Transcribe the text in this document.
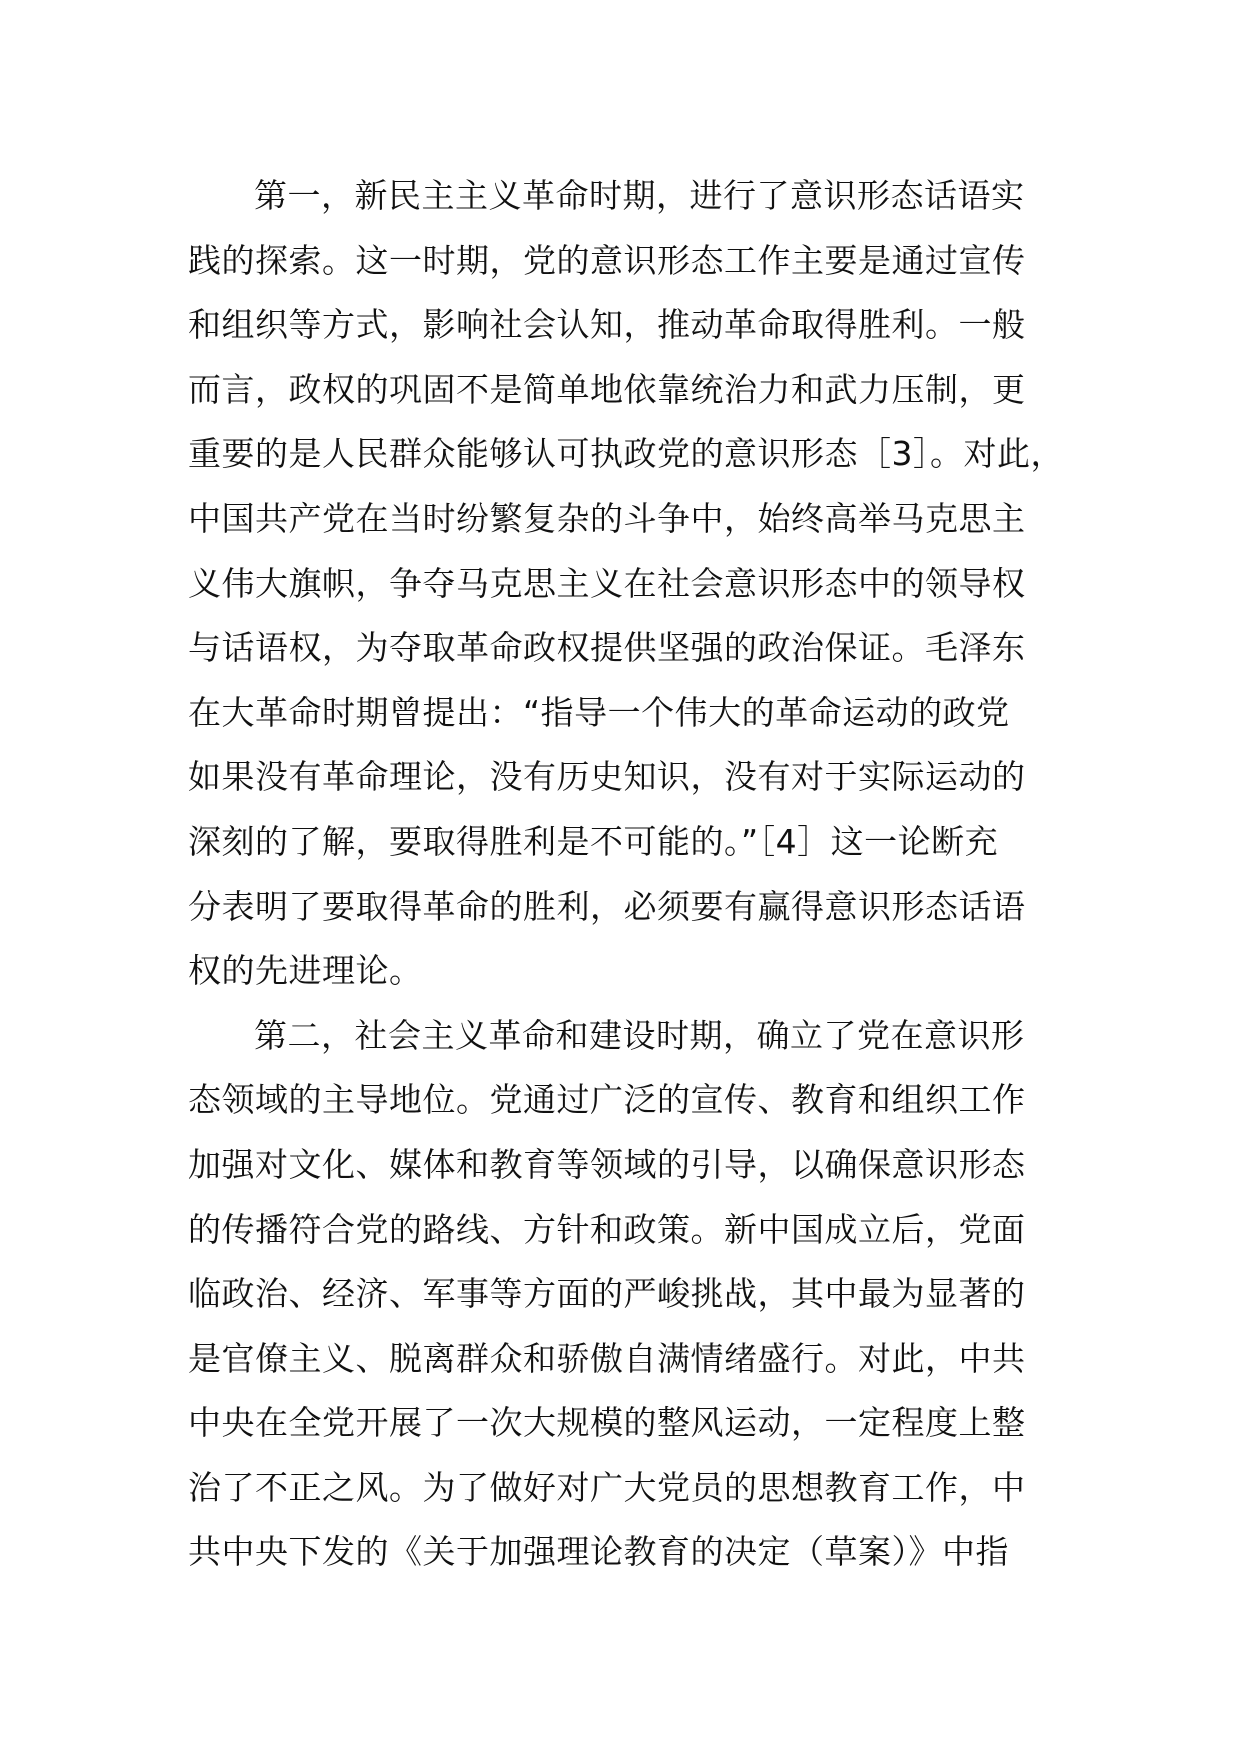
第一，新民主主义革命时期，进行了意识形态话语实
践的探索。这一时期，党的意识形态工作主要是通过宣传
和组织等方式，影响社会认知，推动革命取得胜利。一般
而言，政权的巩固不是简单地依靠统治力和武力压制，更
重要的是人民群众能够认可执政党的意识形态［3］。对此，
中国共产党在当时纷繁复杂的斗争中，始终高举马克思主
义伟大旗帜，争夺马克思主义在社会意识形态中的领导权
与话语权，为夺取革命政权提供坚强的政治保证。毛泽东
在大革命时期曾提出：“指导一个伟大的革命运动的政党
如果没有革命理论，没有历史知识，没有对于实际运动的
深刻的了解，要取得胜利是不可能的。”［4］这一论断充
分表明了要取得革命的胜利，必须要有赢得意识形态话语
权的先进理论。
第二，社会主义革命和建设时期，确立了党在意识形
态领域的主导地位。党通过广泛的宣传、教育和组织工作
加强对文化、媒体和教育等领域的引导，以确保意识形态
的传播符合党的路线、方针和政策。新中国成立后，党面
临政治、经济、军事等方面的严峻挑战，其中最为显著的
是官僚主义、脱离群众和骄傲自满情绪盛行。对此，中共
中央在全党开展了一次大规模的整风运动，一定程度上整
治了不正之风。为了做好对广大党员的思想教育工作，中
共中央下发的《关于加强理论教育的决定（草案）》中指
